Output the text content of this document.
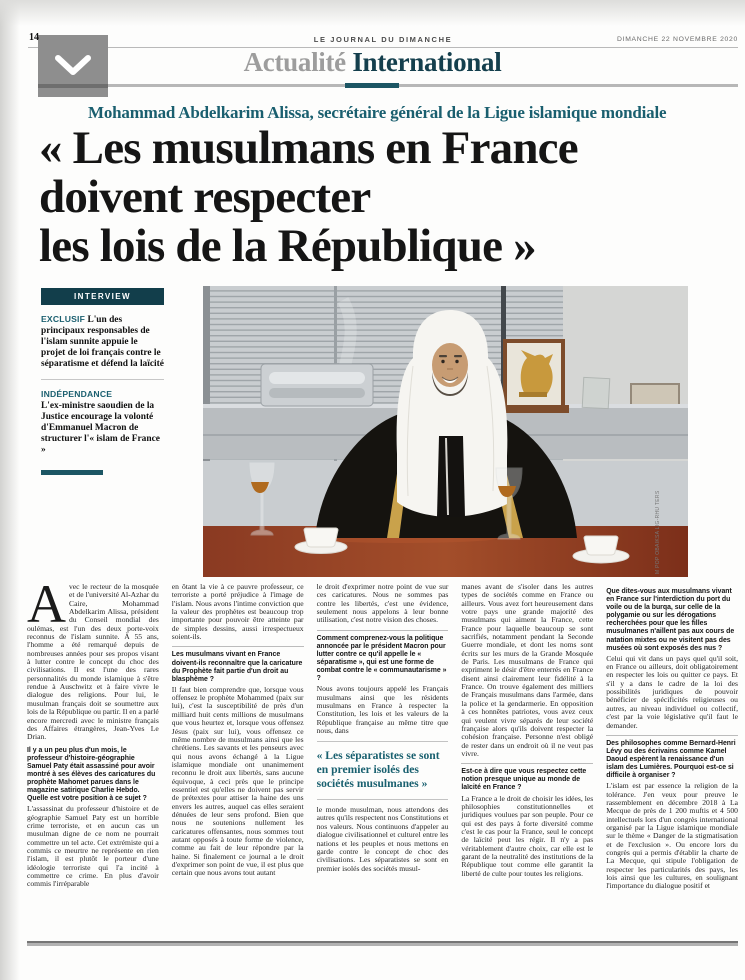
LE JOURNAL DU DIMANCHE	DIMANCHE 22 NOVEMBRE 2020
14
Actualité International
Mohammad Abdelkarim Alissa, secrétaire général de la Ligue islamique mondiale
« Les musulmans en France
doivent respecter
les lois de la République »
INTERVIEW

EXCLUSIF L'un des principaux responsables de l'islam sunnite appuie le projet de loi français contre le séparatisme et défend la laïcité

INDÉPENDANCE
L'ex-ministre saoudien de la Justice encourage la volonté d'Emmanuel Macron de structurer l'« islam de France »

M POP OBAIKSA LIG-RHU TERS
Avec le recteur de la mosquée et de l'université Al-Azhar du Caire, Mohammad Abdelkarim Alissa, président du Conseil mondial des oulémas, est l'un des deux porte-voix reconnus de l'islam sunnite. À 55 ans, l'homme a été remarqué depuis de nombreuses années pour ses propos visant à lutter contre le concept du choc des civilisations. Il est l'une des rares personnalités du monde islamique à s'être rendue à Auschwitz et à faire vivre le dialogue des religions. Pour lui, le musulman français doit se soumettre aux lois de la République ou partir. Il en a parlé encore mercredi avec le ministre français des Affaires étrangères, Jean-Yves Le Drian.
Il y a un peu plus d'un mois, le professeur d'histoire-géographie Samuel Paty était assassiné pour avoir montré à ses élèves des caricatures du prophète Mahomet parues dans le magazine satirique Charlie Hebdo. Quelle est votre position à ce sujet ?
L'assassinat du professeur d'histoire et de géographie Samuel Paty est un horrible crime terroriste, et en aucun cas un musulman digne de ce nom ne pourrait commettre un tel acte. Cet extrémiste qui a commis ce meurtre ne représente en rien l'islam, il est plutôt le porteur d'une idéologie terroriste qui l'a incité à commettre ce crime. En plus d'avoir commis l'irréparable
en ôtant la vie à ce pauvre professeur, ce terroriste a porté préjudice à l'image de l'islam. Nous avons l'intime conviction que la valeur des prophètes est beaucoup trop importante pour pouvoir être atteinte par de simples dessins, aussi irrespectueux soient-ils.
Les musulmans vivant en France doivent-ils reconnaître que la caricature du Prophète fait partie d'un droit au blasphème ?
Il faut bien comprendre que, lorsque vous offensez le prophète Mohammed (paix sur lui), c'est la susceptibilité de près d'un milliard huit cents millions de musulmans que vous heurtez et, lorsque vous offensez Jésus (paix sur lui), vous offensez ce même nombre de musulmans ainsi que les chrétiens. Les savants et les penseurs avec qui nous avons échangé à la Ligue islamique mondiale ont unanimement reconnu le droit aux libertés, sans aucune équivoque, à ceci près que le principe essentiel est qu'elles ne doivent pas servir de prétextes pour attiser la haine des uns envers les autres, auquel cas elles seraient dénuées de leur sens profond. Bien que nous ne soutenions nullement les caricatures offensantes, nous sommes tout autant opposés à toute forme de violence, comme au fait de leur répondre par la haine. Si finalement ce journal a le droit d'exprimer son point de vue, il est plus que certain que nous avons tout autant
le droit d'exprimer notre point de vue sur ces caricatures. Nous ne sommes pas contre les libertés, c'est une évidence, seulement nous appelons à leur bonne utilisation, c'est notre vision des choses.
Comment comprenez-vous la politique annoncée par le président Macron pour lutter contre ce qu'il appelle le « séparatisme », qui est une forme de combat contre le « communautarisme » ?
Nous avons toujours appelé les Français musulmans ainsi que les résidents musulmans en France à respecter la Constitution, les lois et les valeurs de la République française au même titre que nous, dans
« Les séparatistes se sont en premier isolés des sociétés musulmanes »
le monde musulman, nous attendons des autres qu'ils respectent nos Constitutions et nos valeurs. Nous continuons d'appeler au dialogue civilisationnel et culturel entre les nations et les peuples et nous mettons en garde contre le concept de choc des civilisations. Les séparatistes se sont en premier isolés des sociétés musul-
manes avant de s'isoler dans les autres types de sociétés comme en France ou ailleurs. Vous avez fort heureusement dans votre pays une grande majorité des musulmans qui aiment la France, cette France pour laquelle beaucoup se sont sacrifiés, notamment pendant la Seconde Guerre mondiale, et dont les noms sont écrits sur les murs de la Grande Mosquée de Paris. Les musulmans de France qui expriment le désir d'être enterrés en France disent ainsi clairement leur fidélité à la France. On trouve également des milliers de Français musulmans dans l'armée, dans la police et la gendarmerie. En opposition à ces honnêtes patriotes, vous avez ceux qui veulent vivre séparés de leur société française alors qu'ils doivent respecter la cohésion française. Personne n'est obligé de rester dans un endroit où il ne veut pas vivre.
Est-ce à dire que vous respectez cette notion presque unique au monde de laïcité en France ?
La France a le droit de choisir les idées, les philosophies constitutionnelles et juridiques voulues par son peuple. Pour ce qui est des pays à forte diversité comme c'est le cas pour la France, seul le concept de laïcité peut les régir. Il n'y a pas véritablement d'autre choix, car elle est le garant de la neutralité des institutions de la République tout comme elle garantit la liberté de culte pour toutes les religions.
Que dites-vous aux musulmans vivant en France sur l'interdiction du port du voile ou de la burqa, sur celle de la polygamie ou sur les dérogations recherchées pour que les filles musulmanes n'aillent pas aux cours de natation mixtes ou ne visitent pas des musées où sont exposés des nus ?
Celui qui vit dans un pays quel qu'il soit, en France ou ailleurs, doit obligatoirement en respecter les lois ou quitter ce pays. Et s'il y a dans le cadre de la loi des possibilités juridiques de pouvoir bénéficier de spécificités religieuses ou autres, au niveau individuel ou collectif, c'est par la voie législative qu'il faut le demander.
Des philosophes comme Bernard-Henri Lévy ou des écrivains comme Kamel Daoud espèrent la renaissance d'un islam des Lumières. Pourquoi est-ce si difficile à organiser ?
L'islam est par essence la religion de la tolérance. J'en veux pour preuve le rassemblement en décembre 2018 à La Mecque de près de 1 200 muftis et 4 500 intellectuels lors d'un congrès international organisé par la Ligue islamique mondiale sur le thème « Danger de la stigmatisation et de l'exclusion ». Ou encore lors du congrès qui a permis d'établir la charte de La Mecque, qui stipule l'obligation de respecter les particularités des pays, les lois ainsi que les cultures, en soulignant l'importance du dialogue positif et
